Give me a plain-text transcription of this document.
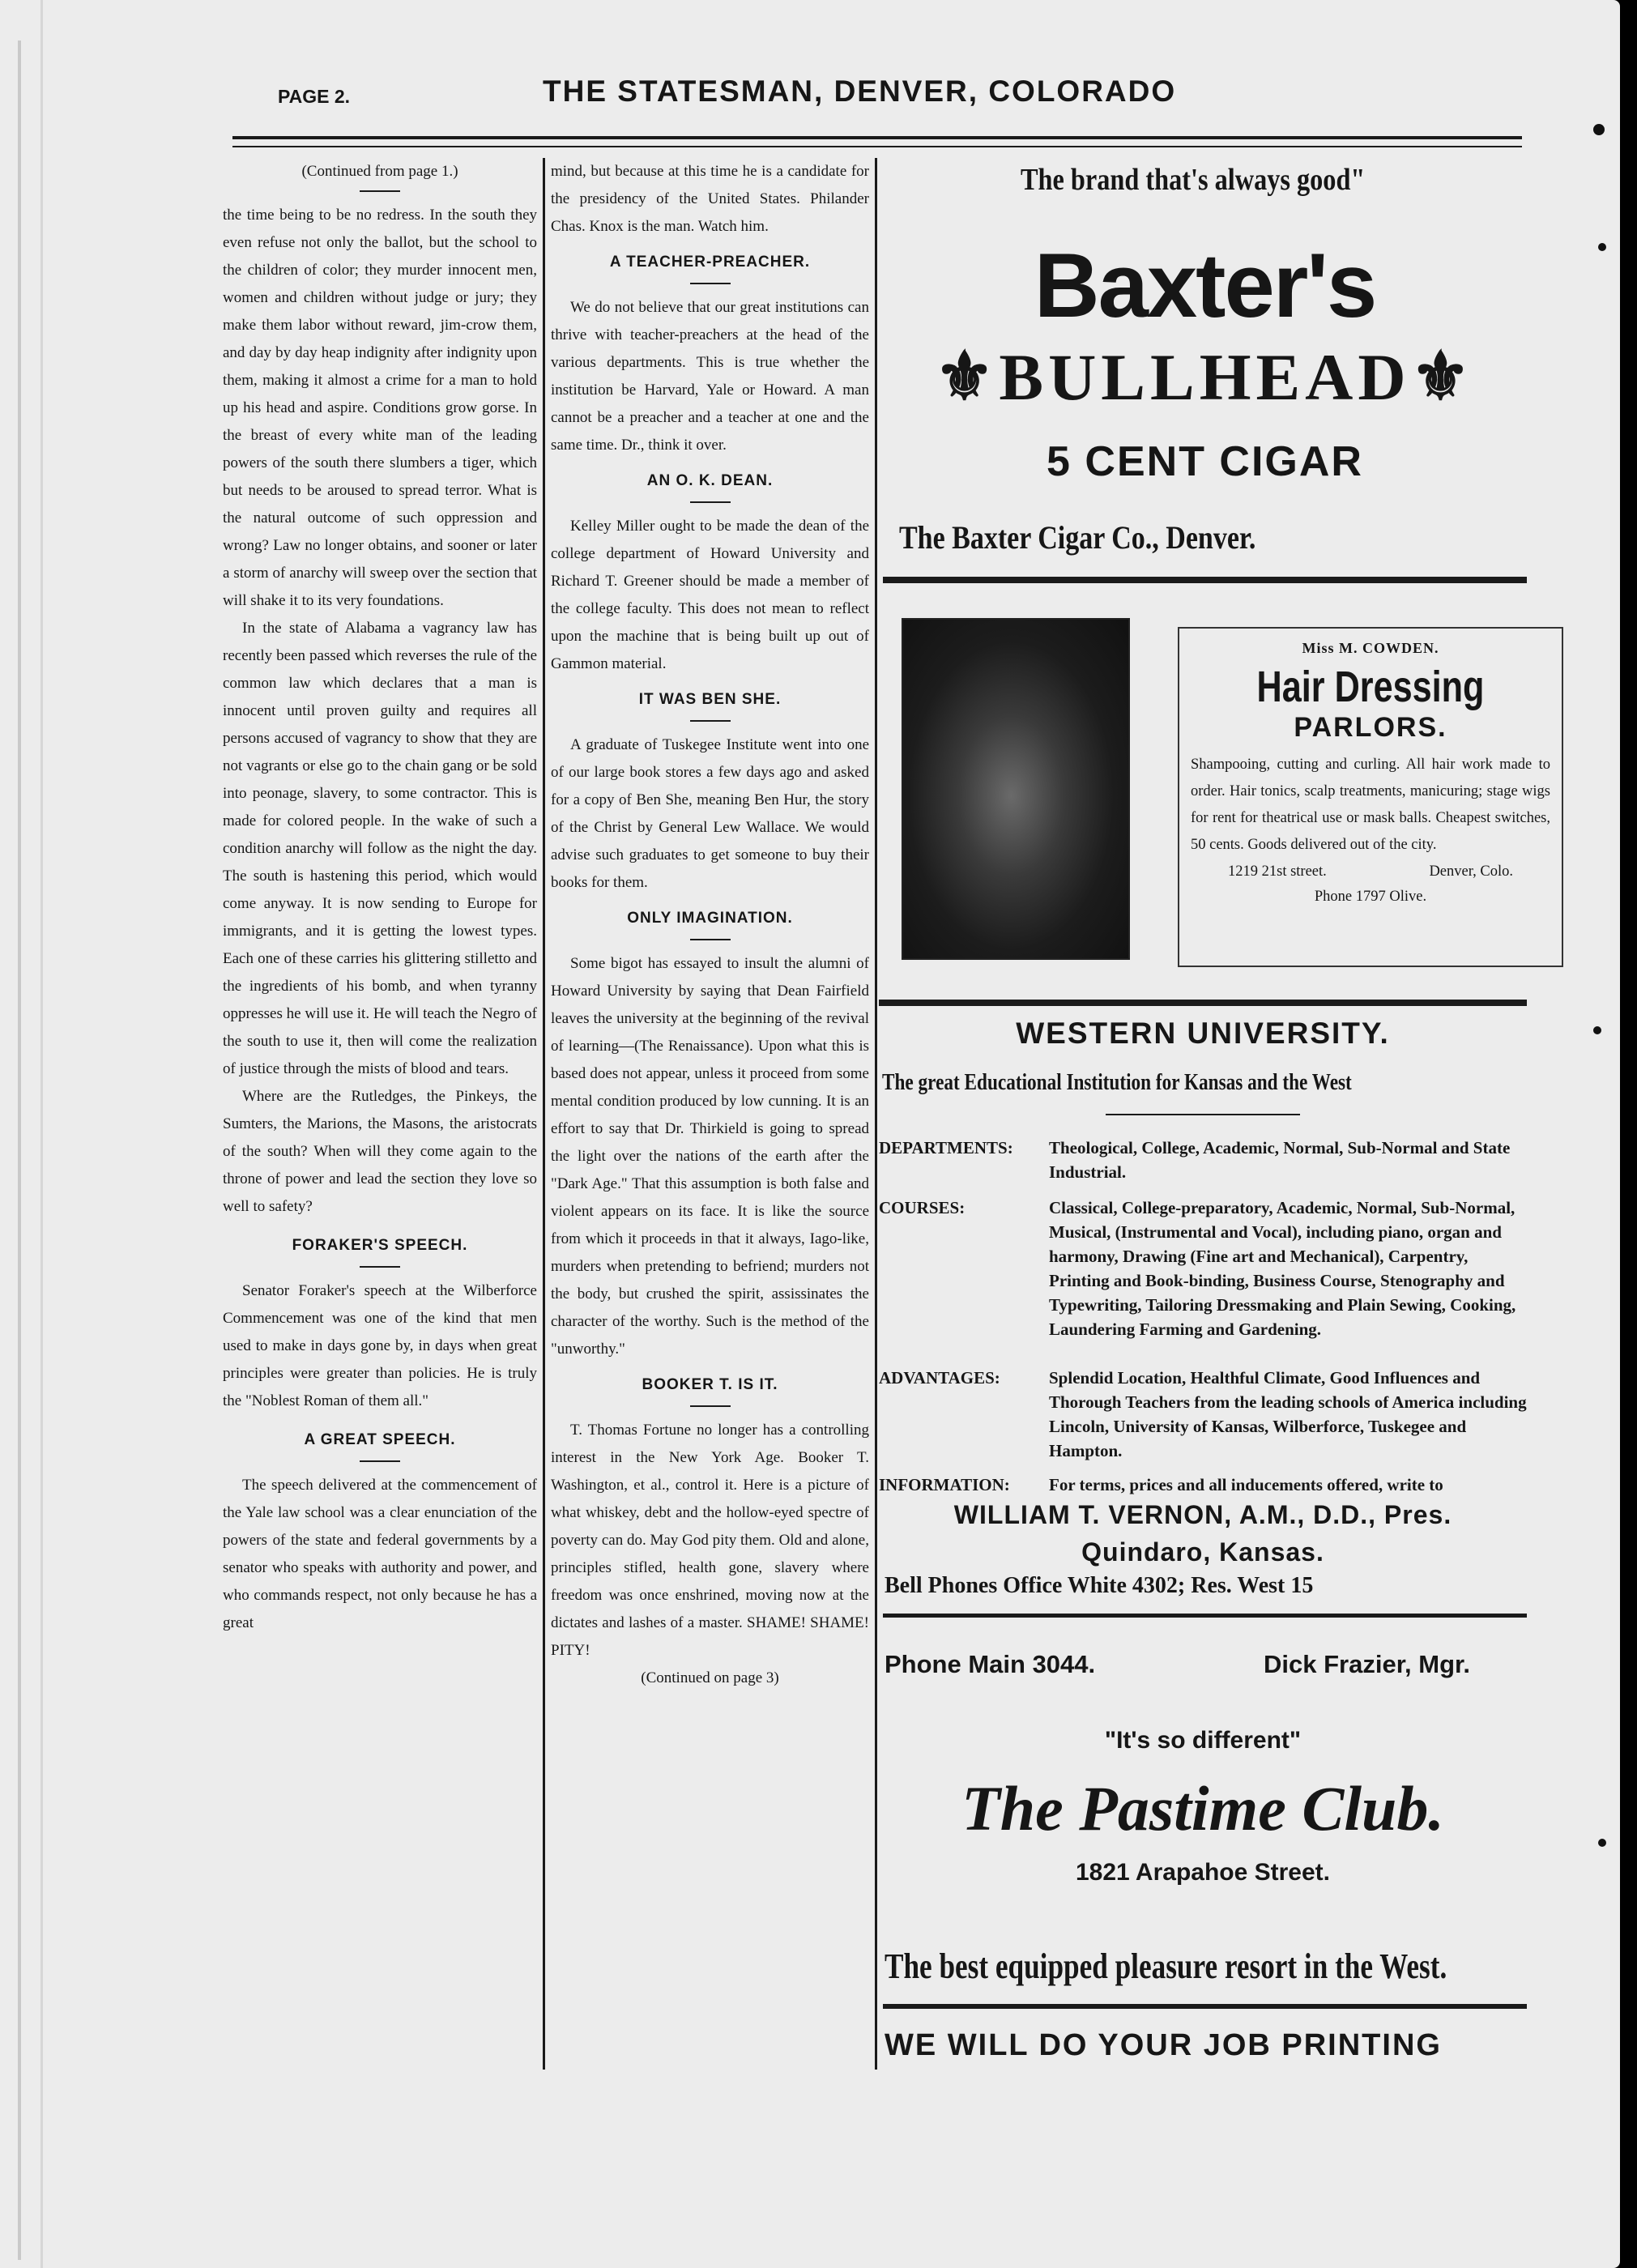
PAGE 2.	THE STATESMAN, DENVER, COLORADO

(Continued from page 1.)

the time being to be no redress. In the south they even refuse not only the ballot, but the school to the children of color; they murder innocent men, women and children without judge or jury; they make them labor without reward, jim-crow them, and day by day heap indignity after indignity upon them, making it almost a crime for a man to hold up his head and aspire. Conditions grow gorse. In the breast of every white man of the leading powers of the south there slumbers a tiger, which but needs to be aroused to spread terror. What is the natural outcome of such oppression and wrong? Law no longer obtains, and sooner or later a storm of anarchy will sweep over the section that will shake it to its very foundations.

In the state of Alabama a vagrancy law has recently been passed which reverses the rule of the common law which declares that a man is innocent until proven guilty and requires all persons accused of vagrancy to show that they are not vagrants or else go to the chain gang or be sold into peonage, slavery, to some contractor. This is made for colored people. In the wake of such a condition anarchy will follow as the night the day. The south is hastening this period, which would come anyway. It is now sending to Europe for immigrants, and it is getting the lowest types. Each one of these carries his glittering stilletto and the ingredients of his bomb, and when tyranny oppresses he will use it. He will teach the Negro of the south to use it, then will come the realization of justice through the mists of blood and tears.

Where are the Rutledges, the Pinkeys, the Sumters, the Marions, the Masons, the aristocrats of the south? When will they come again to the throne of power and lead the section they love so well to safety?

FORAKER'S SPEECH.

Senator Foraker's speech at the Wilberforce Commencement was one of the kind that men used to make in days gone by, in days when great principles were greater than policies. He is truly the "Noblest Roman of them all."

A GREAT SPEECH.

The speech delivered at the commencement of the Yale law school was a clear enunciation of the powers of the state and federal governments by a senator who speaks with authority and power, and who commands respect, not only because he has a great

mind, but because at this time he is a candidate for the presidency of the United States. Philander Chas. Knox is the man. Watch him.

A TEACHER-PREACHER.

We do not believe that our great institutions can thrive with teacher-preachers at the head of the various departments. This is true whether the institution be Harvard, Yale or Howard. A man cannot be a preacher and a teacher at one and the same time. Dr., think it over.

AN O. K. DEAN.

Kelley Miller ought to be made the dean of the college department of Howard University and Richard T. Greener should be made a member of the college faculty. This does not mean to reflect upon the machine that is being built up out of Gammon material.

IT WAS BEN SHE.

A graduate of Tuskegee Institute went into one of our large book stores a few days ago and asked for a copy of Ben She, meaning Ben Hur, the story of the Christ by General Lew Wallace. We would advise such graduates to get someone to buy their books for them.

ONLY IMAGINATION.

Some bigot has essayed to insult the alumni of Howard University by saying that Dean Fairfield leaves the university at the beginning of the revival of learning—(The Renaissance). Upon what this is based does not appear, unless it proceed from some mental condition produced by low cunning. It is an effort to say that Dr. Thirkield is going to spread the light over the nations of the earth after the "Dark Age." That this assumption is both false and violent appears on its face. It is like the source from which it proceeds in that it always, Iago-like, murders when pretending to befriend; murders not the body, but crushed the spirit, assissinates the character of the worthy. Such is the method of the "unworthy."

BOOKER T. IS IT.

T. Thomas Fortune no longer has a controlling interest in the New York Age. Booker T. Washington, et al., control it. Here is a picture of what whiskey, debt and the hollow-eyed spectre of poverty can do. May God pity them. Old and alone, principles stifled, health gone, slavery where freedom was once enshrined, moving now at the dictates and lashes of a master. SHAME! SHAME! PITY!

(Continued on page 3)

The brand that's always good"
Baxter's
⚜BULLHEAD⚜
5 CENT CIGAR
The Baxter Cigar Co., Denver.
Miss M. COWDEN.
Hair Dressing
PARLORS.
Shampooing, cutting and curling. All hair work made to order. Hair tonics, scalp treatments, manicuring; stage wigs for rent for theatrical use or mask balls. Cheapest switches, 50 cents. Goods delivered out of the city.
1219 21st street.	Denver, Colo.
Phone 1797 Olive.
WESTERN UNIVERSITY.
The great Educational Institution for Kansas and the West
DEPARTMENTS: Theological, College, Academic, Normal, Sub-Normal and State Industrial.
COURSES:	Classical, College-preparatory, Academic, Normal, Sub-Normal, Musical, (Instrumental and Vocal), including piano, organ and harmony, Drawing (Fine art and Mechanical), Carpentry, Printing and Book-binding, Business Course, Stenography and Typewriting, Tailoring Dressmaking and Plain Sewing, Cooking, Laundering Farming and Gardening.
ADVANTAGES:	Splendid Location, Healthful Climate, Good Influences and Thorough Teachers from the leading schools of America including Lincoln, University of Kansas, Wilberforce, Tuskegee and Hampton.
INFORMATION: For terms, prices and all inducements offered, write to
WILLIAM T. VERNON, A.M., D.D., Pres.
Quindaro, Kansas.
Bell Phones Office White 4302; Res. West 15
Phone Main 3044.	Dick Frazier, Mgr.
"It's so different"
The Pastime Club.
1821 Arapahoe Street.
The best equipped pleasure resort in the West.
WE WILL DO YOUR JOB PRINTING
